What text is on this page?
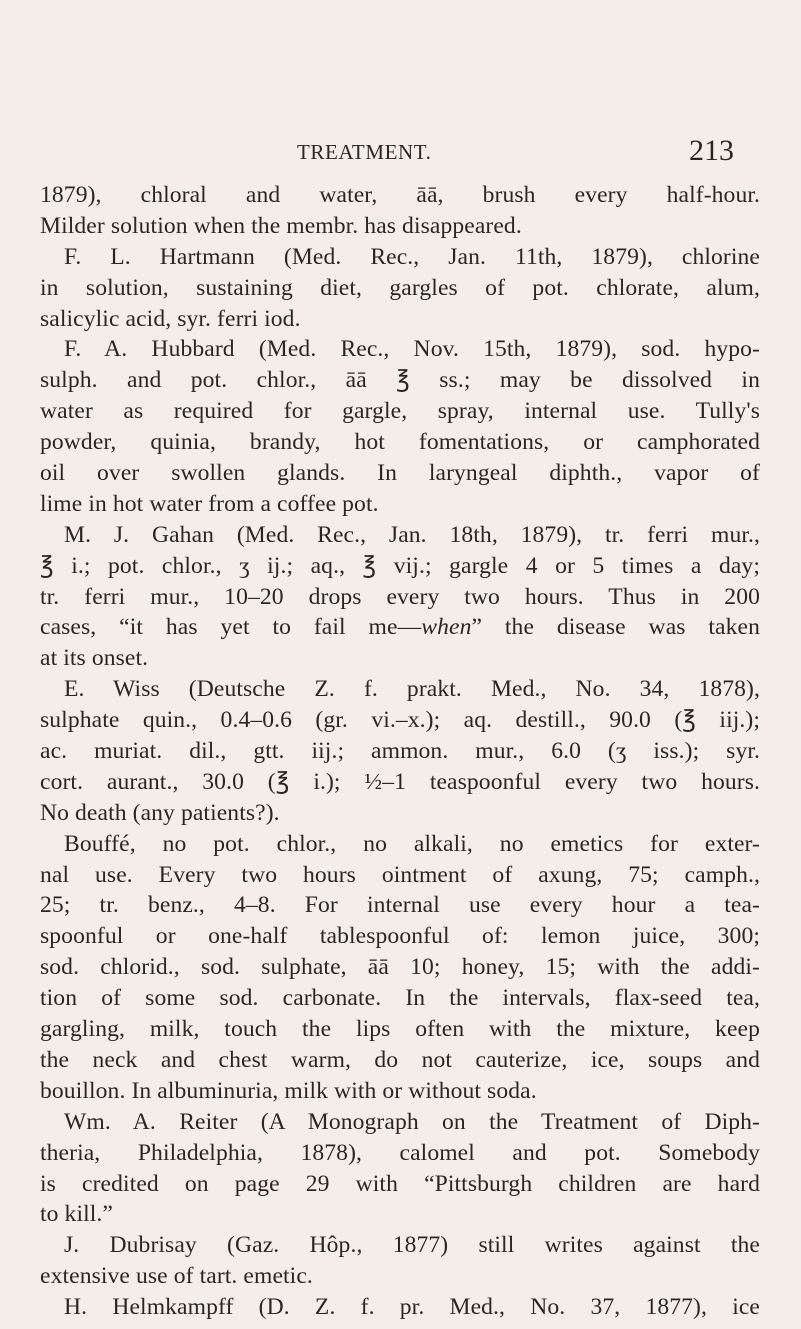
TREATMENT.	213
1879), chloral and water, āā, brush every half-hour.
Milder solution when the membr. has disappeared.
F. L. Hartmann (Med. Rec., Jan. 11th, 1879), chlorine
in solution, sustaining diet, gargles of pot. chlorate, alum,
salicylic acid, syr. ferri iod.
F. A. Hubbard (Med. Rec., Nov. 15th, 1879), sod. hypo-
sulph. and pot. chlor., āā ℥ ss.; may be dissolved in
water as required for gargle, spray, internal use. Tully's
powder, quinia, brandy, hot fomentations, or camphorated
oil over swollen glands. In laryngeal diphth., vapor of
lime in hot water from a coffee pot.
M. J. Gahan (Med. Rec., Jan. 18th, 1879), tr. ferri mur.,
℥ i.; pot. chlor., ʒ ij.; aq., ℥ vij.; gargle 4 or 5 times a day;
tr. ferri mur., 10–20 drops every two hours. Thus in 200
cases, “it has yet to fail me—when” the disease was taken
at its onset.
E. Wiss (Deutsche Z. f. prakt. Med., No. 34, 1878),
sulphate quin., 0.4–0.6 (gr. vi.–x.); aq. destill., 90.0 (℥ iij.);
ac. muriat. dil., gtt. iij.; ammon. mur., 6.0 (ʒ iss.); syr.
cort. aurant., 30.0 (℥ i.); ½–1 teaspoonful every two hours.
No death (any patients?).
Bouffé, no pot. chlor., no alkali, no emetics for exter-
nal use. Every two hours ointment of axung, 75; camph.,
25; tr. benz., 4–8. For internal use every hour a tea-
spoonful or one-half tablespoonful of: lemon juice, 300;
sod. chlorid., sod. sulphate, āā 10; honey, 15; with the addi-
tion of some sod. carbonate. In the intervals, flax-seed tea,
gargling, milk, touch the lips often with the mixture, keep
the neck and chest warm, do not cauterize, ice, soups and
bouillon. In albuminuria, milk with or without soda.
Wm. A. Reiter (A Monograph on the Treatment of Diph-
theria, Philadelphia, 1878), calomel and pot. Somebody
is credited on page 29 with “Pittsburgh children are hard
to kill.”
J. Dubrisay (Gaz. Hôp., 1877) still writes against the
extensive use of tart. emetic.
H. Helmkampff (D. Z. f. pr. Med., No. 37, 1877), ice
